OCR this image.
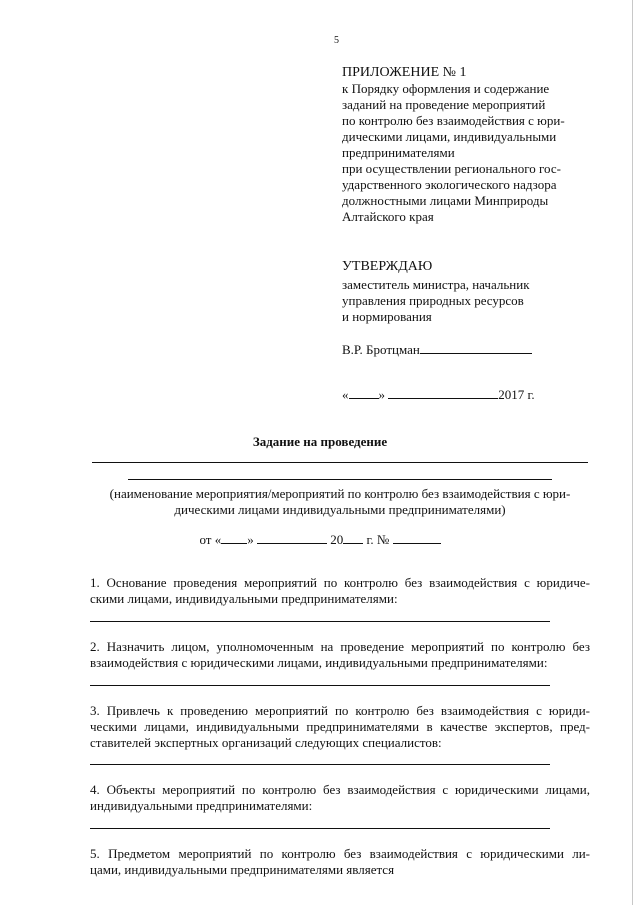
5
ПРИЛОЖЕНИЕ № 1
к Порядку оформления и содержание
заданий на проведение мероприятий
по контролю без взаимодействия с юри-
дическими лицами, индивидуальными
предпринимателями
при осуществлении регионального гос-
ударственного экологического надзора
должностными лицами Минприроды
Алтайского края
УТВЕРЖДАЮ
заместитель министра, начальник
управления природных ресурсов
и нормирования
В.Р. Бротцман
« »	2017 г.
Задание на проведение
(наименование мероприятия/мероприятий по контролю без взаимодействия с юри-
дическими лицами индивидуальными предпринимателями)
от « »	20 г. №
1. Основание проведения мероприятий по контролю без взаимодействия с юридиче-
скими лицами, индивидуальными предпринимателями:
2. Назначить лицом, уполномоченным на проведение мероприятий по контролю без
взаимодействия с юридическими лицами, индивидуальными предпринимателями:
3. Привлечь к проведению мероприятий по контролю без взаимодействия с юриди-
ческими лицами, индивидуальными предпринимателями в качестве экспертов, пред-
ставителей экспертных организаций следующих специалистов:
4. Объекты мероприятий по контролю без взаимодействия с юридическими лицами,
индивидуальными предпринимателями:
5. Предметом мероприятий по контролю без взаимодействия с юридическими ли-
цами, индивидуальными предпринимателями является
